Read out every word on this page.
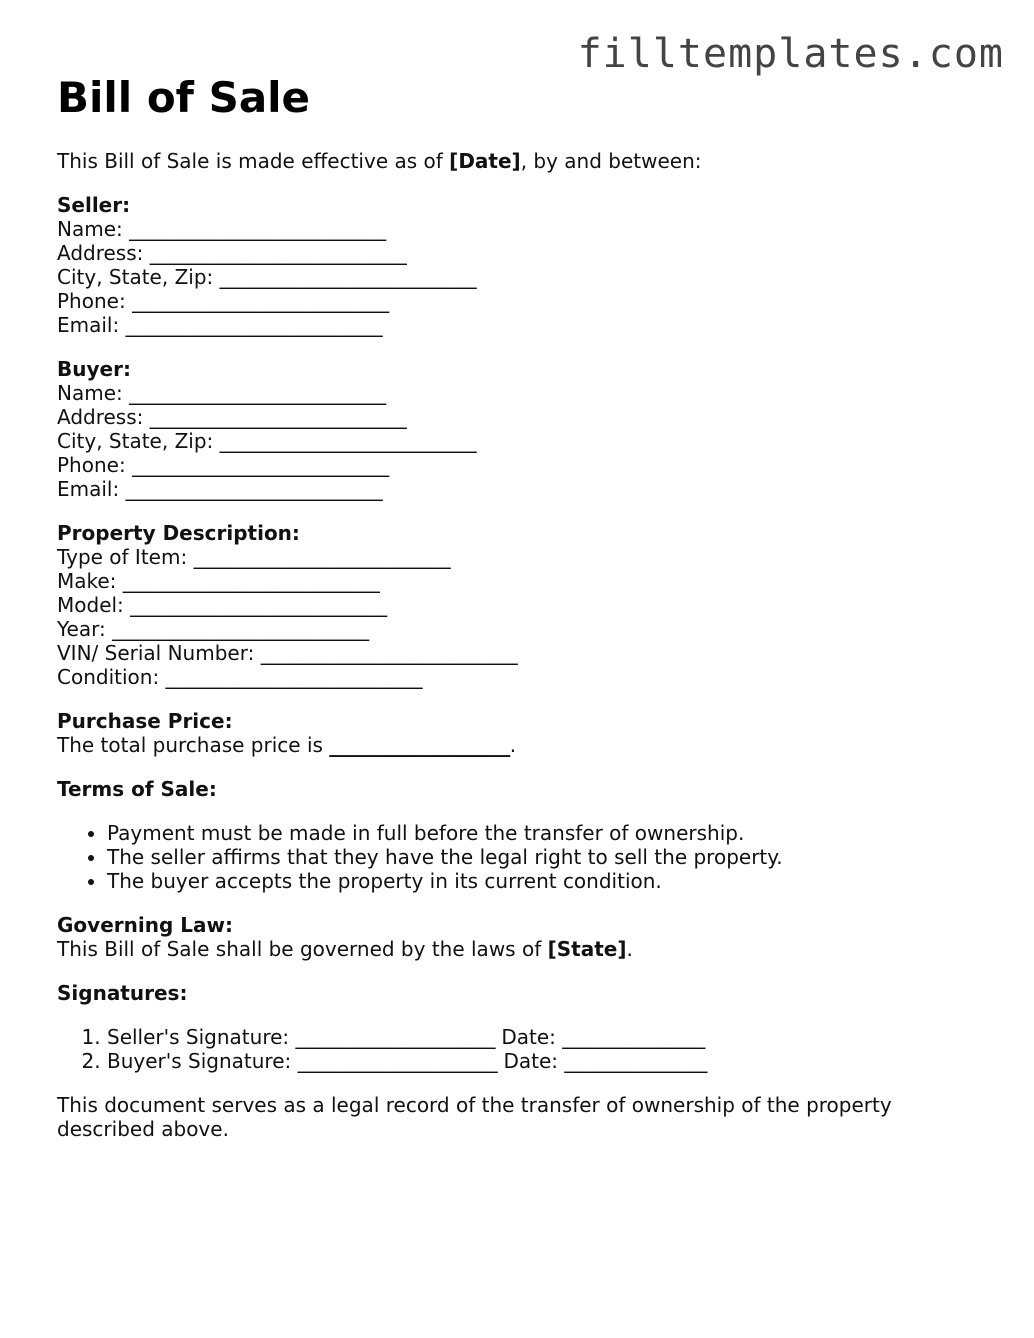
filltemplates.com
Bill of Sale

This Bill of Sale is made effective as of [Date], by and between:

Seller:
Name: ___________________________
Address: ___________________________
City, State, Zip: ___________________________
Phone: ___________________________
Email: ___________________________
Buyer:
Name: ___________________________
Address: ___________________________
City, State, Zip: ___________________________
Phone: ___________________________
Email: ___________________________
Property Description:
Type of Item: ___________________________
Make: ___________________________
Model: ___________________________
Year: ___________________________
VIN/ Serial Number: ___________________________
Condition: ___________________________
Purchase Price:
The total purchase price is ___________________.
Terms of Sale:
• Payment must be made in full before the transfer of ownership.
• The seller affirms that they have the legal right to sell the property.
• The buyer accepts the property in its current condition.
Governing Law:
This Bill of Sale shall be governed by the laws of [State].
Signatures:
1. Seller's Signature: _____________________ Date: _______________
2. Buyer's Signature: _____________________ Date: _______________

This document serves as a legal record of the transfer of ownership of the property described above.
